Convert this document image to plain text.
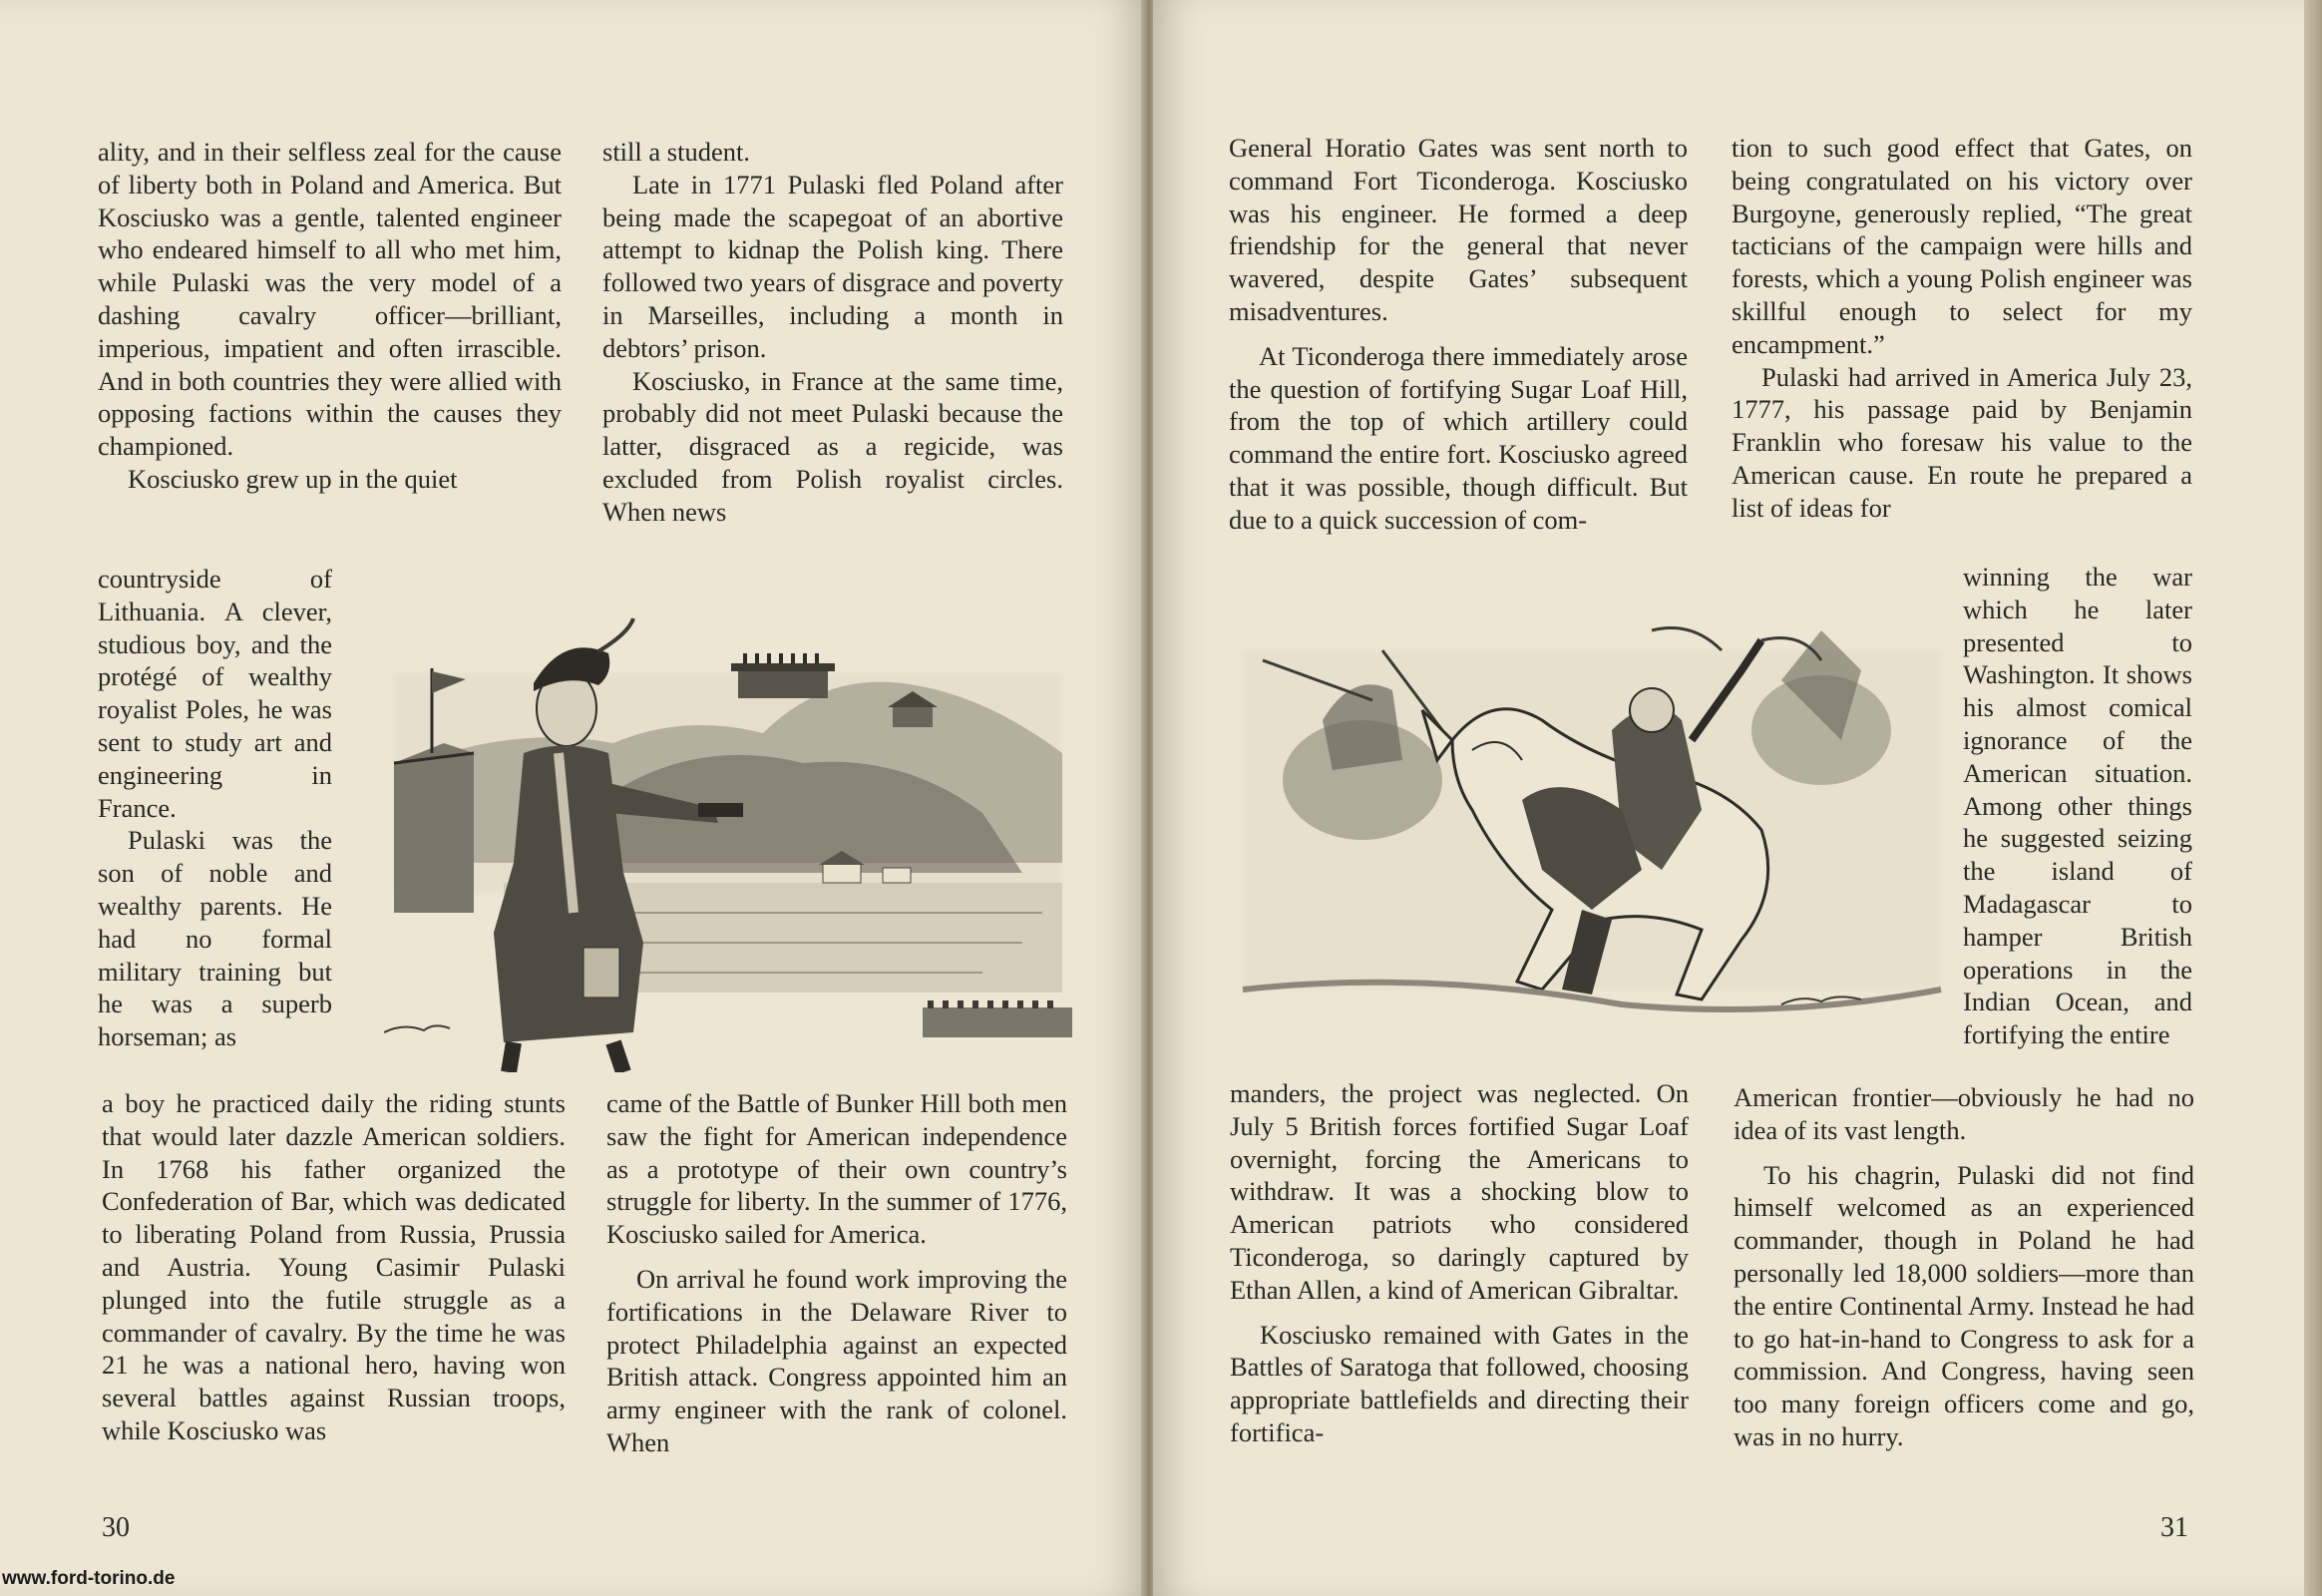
ality, and in their selfless zeal for the cause of liberty both in Poland and America. But Kosciusko was a gentle, talented engineer who endeared himself to all who met him, while Pulaski was the very model of a dashing cavalry officer—brilliant, imperious, impatient and often irrascible. And in both countries they were allied with opposing factions within the causes they championed.

Kosciusko grew up in the quiet

countryside of Lithuania. A clever, studious boy, and the protégé of wealthy royalist Poles, he was sent to study art and engineering in France.

Pulaski was the son of noble and wealthy parents. He had no formal military training but he was a superb horseman; as

a boy he practiced daily the riding stunts that would later dazzle American soldiers. In 1768 his father organized the Confederation of Bar, which was dedicated to liberating Poland from Russia, Prussia and Austria. Young Casimir Pulaski plunged into the futile struggle as a commander of cavalry. By the time he was 21 he was a national hero, having won several battles against Russian troops, while Kosciusko was

still a student.

Late in 1771 Pulaski fled Poland after being made the scapegoat of an abortive attempt to kidnap the Polish king. There followed two years of disgrace and poverty in Marseilles, including a month in debtors’ prison.

Kosciusko, in France at the same time, probably did not meet Pulaski because the latter, disgraced as a regicide, was excluded from Polish royalist circles. When news

came of the Battle of Bunker Hill both men saw the fight for American independence as a prototype of their own country’s struggle for liberty. In the summer of 1776, Kosciusko sailed for America.

On arrival he found work improving the fortifications in the Delaware River to protect Philadelphia against an expected British attack. Congress appointed him an army engineer with the rank of colonel. When

30

General Horatio Gates was sent north to command Fort Ticonderoga. Kosciusko was his engineer. He formed a deep friendship for the general that never wavered, despite Gates’ subsequent misadventures.

At Ticonderoga there immediately arose the question of fortifying Sugar Loaf Hill, from the top of which artillery could command the entire fort. Kosciusko agreed that it was possible, though difficult. But due to a quick succession of com-

manders, the project was neglected. On July 5 British forces fortified Sugar Loaf overnight, forcing the Americans to withdraw. It was a shocking blow to American patriots who considered Ticonderoga, so daringly captured by Ethan Allen, a kind of American Gibraltar.

Kosciusko remained with Gates in the Battles of Saratoga that followed, choosing appropriate battlefields and directing their fortifica-

tion to such good effect that Gates, on being congratulated on his victory over Burgoyne, generously replied, “The great tacticians of the campaign were hills and forests, which a young Polish engineer was skillful enough to select for my encampment.”

Pulaski had arrived in America July 23, 1777, his passage paid by Benjamin Franklin who foresaw his value to the American cause. En route he prepared a list of ideas for

winning the war which he later presented to Washington. It shows his almost comical ignorance of the American situation. Among other things he suggested seizing the island of Madagascar to hamper British operations in the Indian Ocean, and fortifying the entire

American frontier—obviously he had no idea of its vast length.

To his chagrin, Pulaski did not find himself welcomed as an experienced commander, though in Poland he had personally led 18,000 soldiers—more than the entire Continental Army. Instead he had to go hat-in-hand to Congress to ask for a commission. And Congress, having seen too many foreign officers come and go, was in no hurry.

31
www.ford-torino.de
